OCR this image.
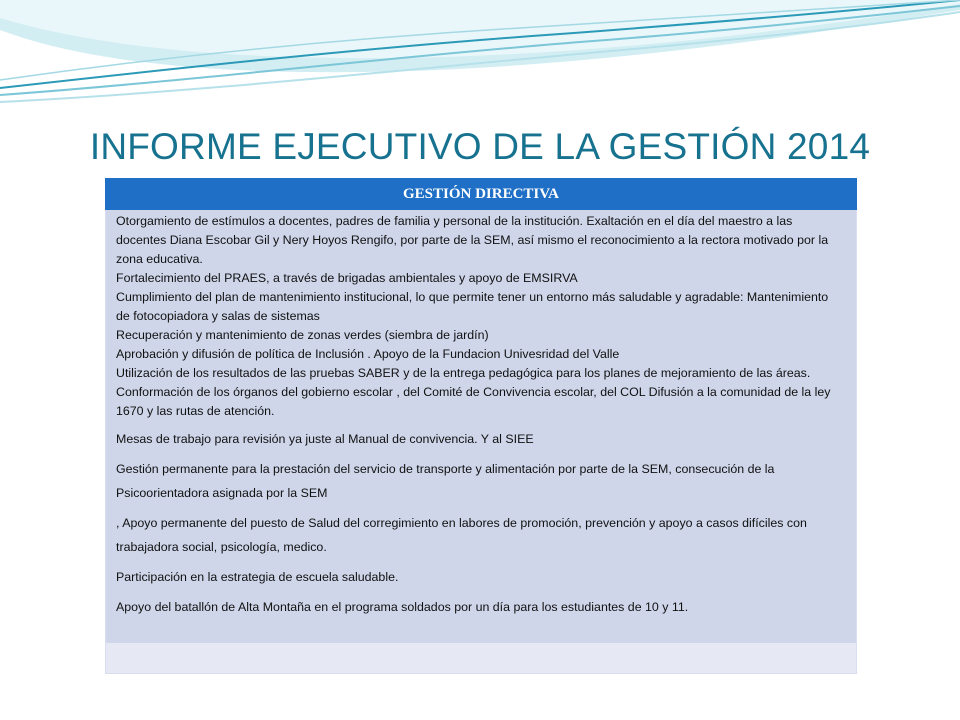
INFORME EJECUTIVO DE LA GESTIÓN 2014
GESTIÓN DIRECTIVA

Otorgamiento de estímulos a docentes, padres de familia y personal de la institución. Exaltación en el día del maestro a las docentes Diana Escobar Gil y Nery Hoyos Rengifo, por parte de la SEM, así mismo el reconocimiento a la rectora motivado por la zona educativa.

Fortalecimiento del PRAES, a través de brigadas ambientales y apoyo de EMSIRVA

Cumplimiento del plan de mantenimiento institucional, lo que permite tener un entorno más saludable y agradable: Mantenimiento de fotocopiadora y salas de sistemas

Recuperación y mantenimiento de zonas verdes (siembra de jardín)

Aprobación y difusión de política de Inclusión . Apoyo de la Fundacion Univesridad del Valle

Utilización de los resultados de las pruebas SABER y de la entrega pedagógica para los planes de mejoramiento de las áreas.

Conformación de los órganos del gobierno escolar , del Comité de Convivencia escolar, del COL Difusión a la comunidad de la ley 1670 y las rutas de atención.

Mesas de trabajo para revisión ya juste al Manual de convivencia. Y al SIEE

Gestión permanente para la prestación del servicio de transporte y alimentación por parte de la SEM, consecución de la Psicoorientadora asignada por la SEM

, Apoyo permanente del puesto de Salud del corregimiento en labores de promoción, prevención y apoyo a casos difíciles con trabajadora social, psicología, medico.

Participación en la estrategia de escuela saludable.

Apoyo del batallón de Alta Montaña en el programa soldados por un día para los estudiantes de 10 y 11.
